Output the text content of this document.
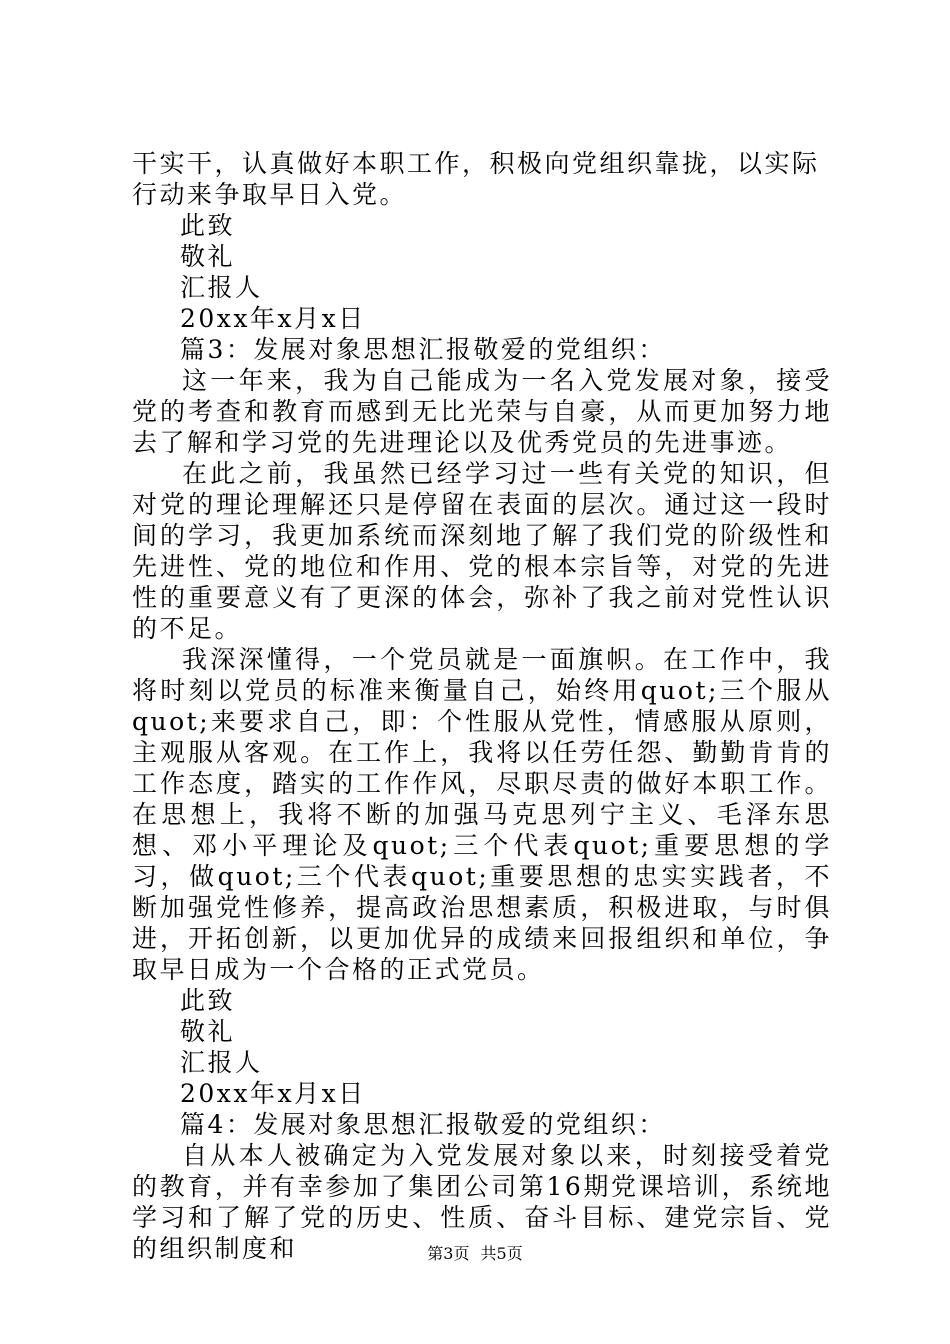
干实干，认真做好本职工作，积极向党组织靠拢，以实际行动来争取早日入党。

此致

敬礼

汇报人

20xx年x月x日

篇3：发展对象思想汇报敬爱的党组织：

这一年来，我为自己能成为一名入党发展对象，接受党的考查和教育而感到无比光荣与自豪，从而更加努力地去了解和学习党的先进理论以及优秀党员的先进事迹。

在此之前，我虽然已经学习过一些有关党的知识，但对党的理论理解还只是停留在表面的层次。通过这一段时间的学习，我更加系统而深刻地了解了我们党的阶级性和先进性、党的地位和作用、党的根本宗旨等，对党的先进性的重要意义有了更深的体会，弥补了我之前对党性认识的不足。

我深深懂得，一个党员就是一面旗帜。在工作中，我将时刻以党员的标准来衡量自己，始终用quot;三个服从quot;来要求自己，即：个性服从党性，情感服从原则，主观服从客观。在工作上，我将以任劳任怨、勤勤肯肯的工作态度，踏实的工作作风，尽职尽责的做好本职工作。在思想上，我将不断的加强马克思列宁主义、毛泽东思想、邓小平理论及quot;三个代表quot;重要思想的学习，做quot;三个代表quot;重要思想的忠实实践者，不断加强党性修养，提高政治思想素质，积极进取，与时俱进，开拓创新，以更加优异的成绩来回报组织和单位，争取早日成为一个合格的正式党员。

此致

敬礼

汇报人

20xx年x月x日

篇4：发展对象思想汇报敬爱的党组织：

自从本人被确定为入党发展对象以来，时刻接受着党的教育，并有幸参加了集团公司第16期党课培训，系统地学习和了解了党的历史、性质、奋斗目标、建党宗旨、党的组织制度和	第3页 共5页
